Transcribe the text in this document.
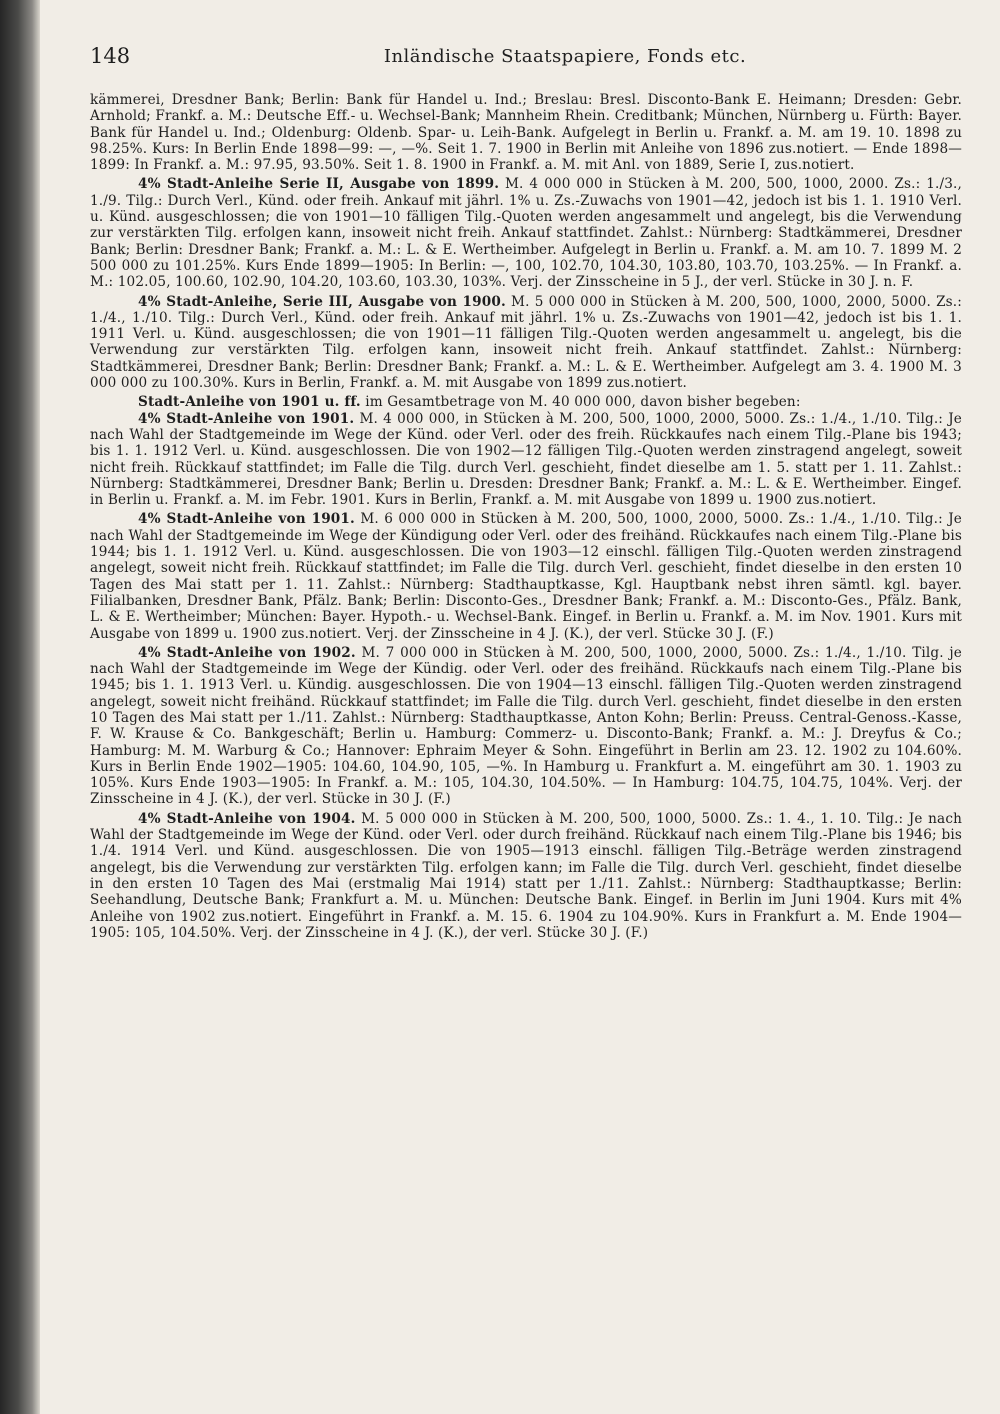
148	Inländische Staatspapiere, Fonds etc.

kämmerei, Dresdner Bank; Berlin: Bank für Handel u. Ind.; Breslau: Bresl. Disconto-Bank E. Heimann; Dresden: Gebr. Arnhold; Frankf. a. M.: Deutsche Eff.- u. Wechsel-Bank; Mannheim Rhein. Creditbank; München, Nürnberg u. Fürth: Bayer. Bank für Handel u. Ind.; Oldenburg: Oldenb. Spar- u. Leih-Bank. Aufgelegt in Berlin u. Frankf. a. M. am 19. 10. 1898 zu 98.25%. Kurs: In Berlin Ende 1898—99: —, —%. Seit 1. 7. 1900 in Berlin mit Anleihe von 1896 zus.notiert. — Ende 1898—1899: In Frankf. a. M.: 97.95, 93.50%. Seit 1. 8. 1900 in Frankf. a. M. mit Anl. von 1889, Serie I, zus.notiert.

4% Stadt-Anleihe Serie II, Ausgabe von 1899. M. 4 000 000 in Stücken à M. 200, 500, 1000, 2000. Zs.: 1./3., 1./9. Tilg.: Durch Verl., Künd. oder freih. Ankauf mit jährl. 1% u. Zs.-Zuwachs von 1901—42, jedoch ist bis 1. 1. 1910 Verl. u. Künd. ausgeschlossen; die von 1901—10 fälligen Tilg.-Quoten werden angesammelt und angelegt, bis die Verwendung zur verstärkten Tilg. erfolgen kann, insoweit nicht freih. Ankauf stattfindet. Zahlst.: Nürnberg: Stadtkämmerei, Dresdner Bank; Berlin: Dresdner Bank; Frankf. a. M.: L. & E. Wertheimber. Aufgelegt in Berlin u. Frankf. a. M. am 10. 7. 1899 M. 2 500 000 zu 101.25%. Kurs Ende 1899—1905: In Berlin: —, 100, 102.70, 104.30, 103.80, 103.70, 103.25%. — In Frankf. a. M.: 102.05, 100.60, 102.90, 104.20, 103.60, 103.30, 103%. Verj. der Zinsscheine in 5 J., der verl. Stücke in 30 J. n. F.

4% Stadt-Anleihe, Serie III, Ausgabe von 1900. M. 5 000 000 in Stücken à M. 200, 500, 1000, 2000, 5000. Zs.: 1./4., 1./10. Tilg.: Durch Verl., Künd. oder freih. Ankauf mit jährl. 1% u. Zs.-Zuwachs von 1901—42, jedoch ist bis 1. 1. 1911 Verl. u. Künd. ausgeschlossen; die von 1901—11 fälligen Tilg.-Quoten werden angesammelt u. angelegt, bis die Verwendung zur verstärkten Tilg. erfolgen kann, insoweit nicht freih. Ankauf stattfindet. Zahlst.: Nürnberg: Stadtkämmerei, Dresdner Bank; Berlin: Dresdner Bank; Frankf. a. M.: L. & E. Wertheimber. Aufgelegt am 3. 4. 1900 M. 3 000 000 zu 100.30%. Kurs in Berlin, Frankf. a. M. mit Ausgabe von 1899 zus.notiert.

Stadt-Anleihe von 1901 u. ff. im Gesamtbetrage von M. 40 000 000, davon bisher begeben:

4% Stadt-Anleihe von 1901. M. 4 000 000, in Stücken à M. 200, 500, 1000, 2000, 5000. Zs.: 1./4., 1./10. Tilg.: Je nach Wahl der Stadtgemeinde im Wege der Künd. oder Verl. oder des freih. Rückkaufes nach einem Tilg.-Plane bis 1943; bis 1. 1. 1912 Verl. u. Künd. ausgeschlossen. Die von 1902—12 fälligen Tilg.-Quoten werden zinstragend angelegt, soweit nicht freih. Rückkauf stattfindet; im Falle die Tilg. durch Verl. geschieht, findet dieselbe am 1. 5. statt per 1. 11. Zahlst.: Nürnberg: Stadtkämmerei, Dresdner Bank; Berlin u. Dresden: Dresdner Bank; Frankf. a. M.: L. & E. Wertheimber. Eingef. in Berlin u. Frankf. a. M. im Febr. 1901. Kurs in Berlin, Frankf. a. M. mit Ausgabe von 1899 u. 1900 zus.notiert.

4% Stadt-Anleihe von 1901. M. 6 000 000 in Stücken à M. 200, 500, 1000, 2000, 5000. Zs.: 1./4., 1./10. Tilg.: Je nach Wahl der Stadtgemeinde im Wege der Kündigung oder Verl. oder des freihänd. Rückkaufes nach einem Tilg.-Plane bis 1944; bis 1. 1. 1912 Verl. u. Künd. ausgeschlossen. Die von 1903—12 einschl. fälligen Tilg.-Quoten werden zinstragend angelegt, soweit nicht freih. Rückkauf stattfindet; im Falle die Tilg. durch Verl. geschieht, findet dieselbe in den ersten 10 Tagen des Mai statt per 1. 11. Zahlst.: Nürnberg: Stadthauptkasse, Kgl. Hauptbank nebst ihren sämtl. kgl. bayer. Filialbanken, Dresdner Bank, Pfälz. Bank; Berlin: Disconto-Ges., Dresdner Bank; Frankf. a. M.: Disconto-Ges., Pfälz. Bank, L. & E. Wertheimber; München: Bayer. Hypoth.- u. Wechsel-Bank. Eingef. in Berlin u. Frankf. a. M. im Nov. 1901. Kurs mit Ausgabe von 1899 u. 1900 zus.notiert. Verj. der Zinsscheine in 4 J. (K.), der verl. Stücke 30 J. (F.)

4% Stadt-Anleihe von 1902. M. 7 000 000 in Stücken à M. 200, 500, 1000, 2000, 5000. Zs.: 1./4., 1./10. Tilg. je nach Wahl der Stadtgemeinde im Wege der Kündig. oder Verl. oder des freihänd. Rückkaufs nach einem Tilg.-Plane bis 1945; bis 1. 1. 1913 Verl. u. Kündig. ausgeschlossen. Die von 1904—13 einschl. fälligen Tilg.-Quoten werden zinstragend angelegt, soweit nicht freihänd. Rückkauf stattfindet; im Falle die Tilg. durch Verl. geschieht, findet dieselbe in den ersten 10 Tagen des Mai statt per 1./11. Zahlst.: Nürnberg: Stadthauptkasse, Anton Kohn; Berlin: Preuss. Central-Genoss.-Kasse, F. W. Krause & Co. Bankgeschäft; Berlin u. Hamburg: Commerz- u. Disconto-Bank; Frankf. a. M.: J. Dreyfus & Co.; Hamburg: M. M. Warburg & Co.; Hannover: Ephraim Meyer & Sohn. Eingeführt in Berlin am 23. 12. 1902 zu 104.60%. Kurs in Berlin Ende 1902—1905: 104.60, 104.90, 105, —%. In Hamburg u. Frankfurt a. M. eingeführt am 30. 1. 1903 zu 105%. Kurs Ende 1903—1905: In Frankf. a. M.: 105, 104.30, 104.50%. — In Hamburg: 104.75, 104.75, 104%. Verj. der Zinsscheine in 4 J. (K.), der verl. Stücke in 30 J. (F.)

4% Stadt-Anleihe von 1904. M. 5 000 000 in Stücken à M. 200, 500, 1000, 5000. Zs.: 1. 4., 1. 10. Tilg.: Je nach Wahl der Stadtgemeinde im Wege der Künd. oder Verl. oder durch freihänd. Rückkauf nach einem Tilg.-Plane bis 1946; bis 1./4. 1914 Verl. und Künd. ausgeschlossen. Die von 1905—1913 einschl. fälligen Tilg.-Beträge werden zinstragend angelegt, bis die Verwendung zur verstärkten Tilg. erfolgen kann; im Falle die Tilg. durch Verl. geschieht, findet dieselbe in den ersten 10 Tagen des Mai (erstmalig Mai 1914) statt per 1./11. Zahlst.: Nürnberg: Stadthauptkasse; Berlin: Seehandlung, Deutsche Bank; Frankfurt a. M. u. München: Deutsche Bank. Eingef. in Berlin im Juni 1904. Kurs mit 4% Anleihe von 1902 zus.notiert. Eingeführt in Frankf. a. M. 15. 6. 1904 zu 104.90%. Kurs in Frankfurt a. M. Ende 1904—1905: 105, 104.50%. Verj. der Zinsscheine in 4 J. (K.), der verl. Stücke 30 J. (F.)
